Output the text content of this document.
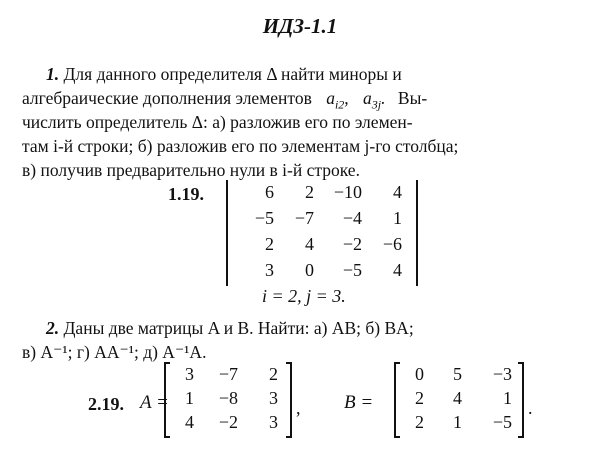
ИДЗ-1.1
1. Для данного определителя Δ найти миноры и
алгебраические дополнения элементов $a_{i2}$, $a_{3j}$. Вы-
числить определитель Δ: а) разложив его по элемен-
там i-й строки; б) разложив его по элементам j-го столбца;
в) получив предварительно нули в i-й строке.
1.19.	6	2	−10	4
−5	−7	−4	1
2	4	−2	−6
3	0	−5	4
i = 2, j = 3.
2. Даны две матрицы A и B. Найти: а) AB; б) BA;
в) A⁻¹; г) AA⁻¹; д) A⁻¹A.
2.19. A =
3	−7	2
1	−8	3
4	−2	3
, B =
0	5	−3
2	4	1
2	1	−5
.
